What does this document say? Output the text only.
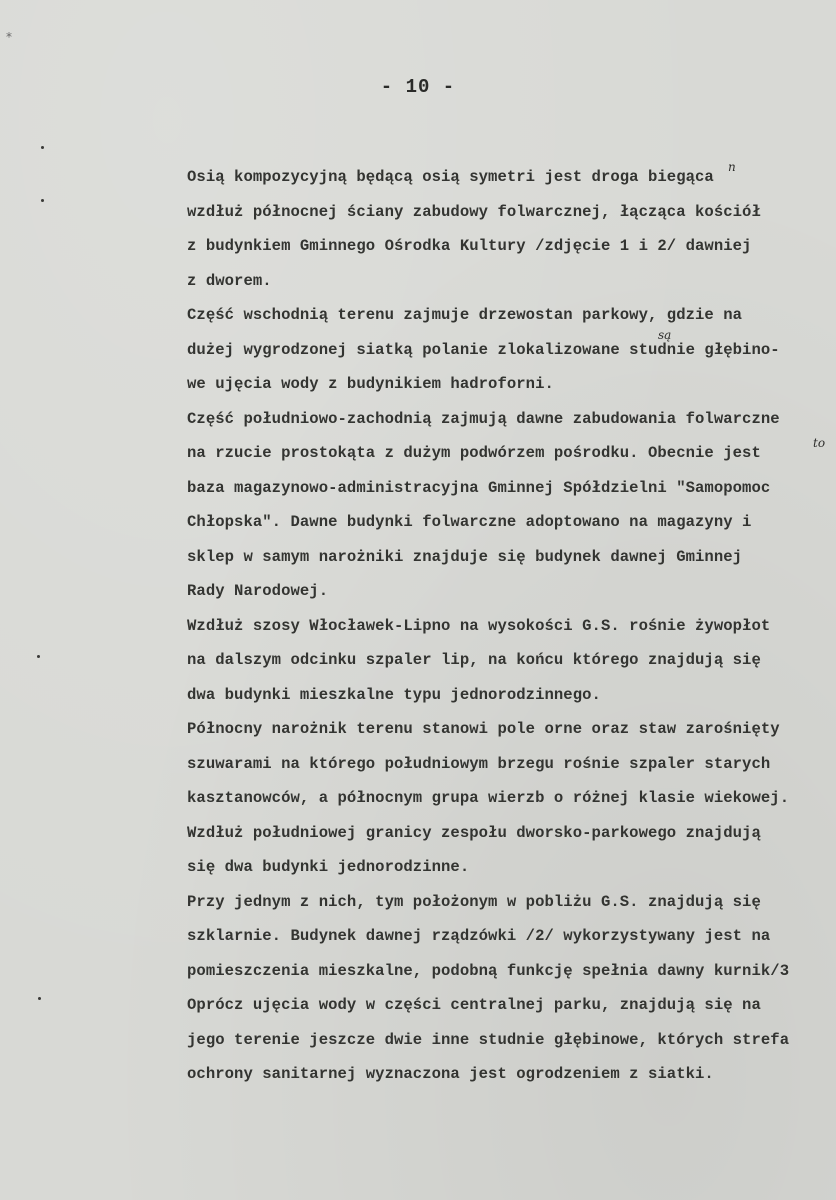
*
- 10 -
n
są
to
Osią kompozycyjną będącą osią symetri jest droga biegąca
wzdłuż północnej ściany zabudowy folwarcznej, łącząca kościół
z budynkiem Gminnego Ośrodka Kultury /zdjęcie 1 i 2/ dawniej
z dworem.
Część wschodnią terenu zajmuje drzewostan parkowy, gdzie na
dużej wygrodzonej siatką polanie zlokalizowane studnie głębino-
we ujęcia wody z budynikiem hadroforni.
Część południowo-zachodnią zajmują dawne zabudowania folwarczne
na rzucie prostokąta z dużym podwórzem pośrodku. Obecnie jest
baza magazynowo-administracyjna Gminnej Spółdzielni "Samopomoc
Chłopska". Dawne budynki folwarczne adoptowano na magazyny i
sklep w samym narożniki znajduje się budynek dawnej Gminnej
Rady Narodowej.
Wzdłuż szosy Włocławek-Lipno na wysokości G.S. rośnie żywopłot
na dalszym odcinku szpaler lip, na końcu którego znajdują się
dwa budynki mieszkalne typu jednorodzinnego.
Północny narożnik terenu stanowi pole orne oraz staw zarośnięty
szuwarami na którego południowym brzegu rośnie szpaler starych
kasztanowców, a północnym grupa wierzb o różnej klasie wiekowej.
Wzdłuż południowej granicy zespołu dworsko-parkowego znajdują
się dwa budynki jednorodzinne.
Przy jednym z nich, tym położonym w pobliżu G.S. znajdują się
szklarnie. Budynek dawnej rządzówki /2/ wykorzystywany jest na
pomieszczenia mieszkalne, podobną funkcję spełnia dawny kurnik/3
Oprócz ujęcia wody w części centralnej parku, znajdują się na
jego terenie jeszcze dwie inne studnie głębinowe, których strefa
ochrony sanitarnej wyznaczona jest ogrodzeniem z siatki.
